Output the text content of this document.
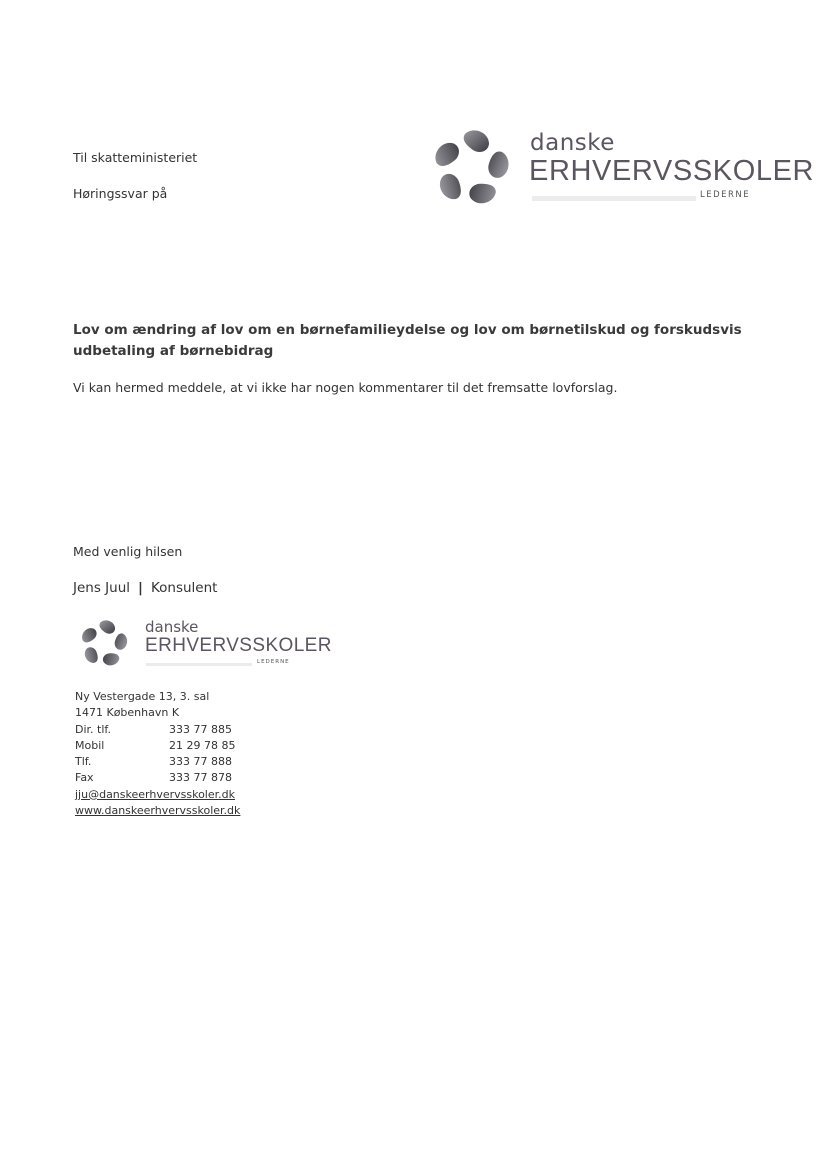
Til skatteministeriet
Høringssvar på
danske
ERHVERVSSKOLER
LEDERNE
Lov om ændring af lov om en børnefamilieydelse og lov om børnetilskud og forskudsvis udbetaling af børnebidrag
Vi kan hermed meddele, at vi ikke har nogen kommentarer til det fremsatte lovforslag.
Med venlig hilsen
Jens Juul | Konsulent
danske
ERHVERVSSKOLER
LEDERNE
Ny Vestergade 13, 3. sal
1471 København K
Dir. tlf.	333 77 885
Mobil	21 29 78 85
Tlf.	333 77 888
Fax	333 77 878
jju@danskeerhvervsskoler.dk
www.danskeerhvervsskoler.dk
